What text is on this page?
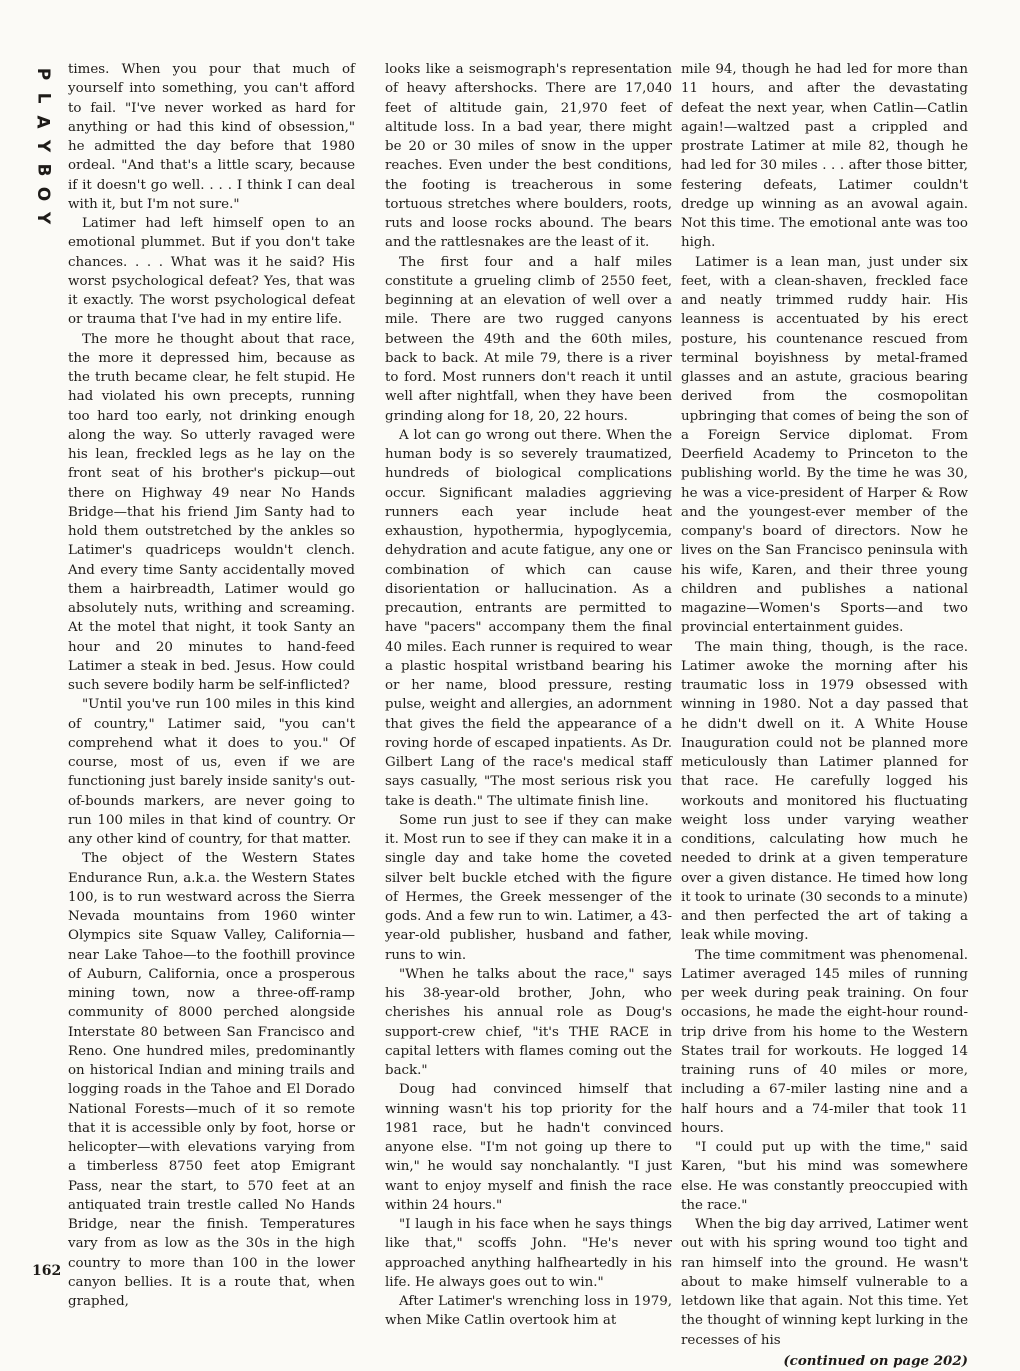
P
L
A
Y
B
O
Y
162

times. When you pour that much of yourself into something, you can't afford to fail. "I've never worked as hard for anything or had this kind of obsession," he admitted the day before that 1980 ordeal. "And that's a little scary, because if it doesn't go well. . . . I think I can deal with it, but I'm not sure."

Latimer had left himself open to an emotional plummet. But if you don't take chances. . . . What was it he said? His worst psychological defeat? Yes, that was it exactly. The worst psychological defeat or trauma that I've had in my entire life.

The more he thought about that race, the more it depressed him, because as the truth became clear, he felt stupid. He had violated his own precepts, running too hard too early, not drinking enough along the way. So utterly ravaged were his lean, freckled legs as he lay on the front seat of his brother's pickup—out there on Highway 49 near No Hands Bridge—that his friend Jim Santy had to hold them outstretched by the ankles so Latimer's quadriceps wouldn't clench. And every time Santy accidentally moved them a hairbreadth, Latimer would go absolutely nuts, writhing and screaming. At the motel that night, it took Santy an hour and 20 minutes to hand-feed Latimer a steak in bed. Jesus. How could such severe bodily harm be self-inflicted?

"Until you've run 100 miles in this kind of country," Latimer said, "you can't comprehend what it does to you." Of course, most of us, even if we are functioning just barely inside sanity's out-of-bounds markers, are never going to run 100 miles in that kind of country. Or any other kind of country, for that matter.

The object of the Western States Endurance Run, a.k.a. the Western States 100, is to run westward across the Sierra Nevada mountains from 1960 winter Olympics site Squaw Valley, California—near Lake Tahoe—to the foothill province of Auburn, California, once a prosperous mining town, now a three-off-ramp community of 8000 perched alongside Interstate 80 between San Francisco and Reno. One hundred miles, predominantly on historical Indian and mining trails and logging roads in the Tahoe and El Dorado National Forests—much of it so remote that it is accessible only by foot, horse or helicopter—with elevations varying from a timberless 8750 feet atop Emigrant Pass, near the start, to 570 feet at an antiquated train trestle called No Hands Bridge, near the finish. Temperatures vary from as low as the 30s in the high country to more than 100 in the lower canyon bellies. It is a route that, when graphed,

looks like a seismograph's representation of heavy aftershocks. There are 17,040 feet of altitude gain, 21,970 feet of altitude loss. In a bad year, there might be 20 or 30 miles of snow in the upper reaches. Even under the best conditions, the footing is treacherous in some tortuous stretches where boulders, roots, ruts and loose rocks abound. The bears and the rattlesnakes are the least of it.

The first four and a half miles constitute a grueling climb of 2550 feet, beginning at an elevation of well over a mile. There are two rugged canyons between the 49th and the 60th miles, back to back. At mile 79, there is a river to ford. Most runners don't reach it until well after nightfall, when they have been grinding along for 18, 20, 22 hours.

A lot can go wrong out there. When the human body is so severely traumatized, hundreds of biological complications occur. Significant maladies aggrieving runners each year include heat exhaustion, hypothermia, hypoglycemia, dehydration and acute fatigue, any one or combination of which can cause disorientation or hallucination. As a precaution, entrants are permitted to have "pacers" accompany them the final 40 miles. Each runner is required to wear a plastic hospital wristband bearing his or her name, blood pressure, resting pulse, weight and allergies, an adornment that gives the field the appearance of a roving horde of escaped inpatients. As Dr. Gilbert Lang of the race's medical staff says casually, "The most serious risk you take is death." The ultimate finish line.

Some run just to see if they can make it. Most run to see if they can make it in a single day and take home the coveted silver belt buckle etched with the figure of Hermes, the Greek messenger of the gods. And a few run to win. Latimer, a 43-year-old publisher, husband and father, runs to win.

"When he talks about the race," says his 38-year-old brother, John, who cherishes his annual role as Doug's support-crew chief, "it's THE RACE in capital letters with flames coming out the back."

Doug had convinced himself that winning wasn't his top priority for the 1981 race, but he hadn't convinced anyone else. "I'm not going up there to win," he would say nonchalantly. "I just want to enjoy myself and finish the race within 24 hours."

"I laugh in his face when he says things like that," scoffs John. "He's never approached anything halfheartedly in his life. He always goes out to win."

After Latimer's wrenching loss in 1979, when Mike Catlin overtook him at

mile 94, though he had led for more than 11 hours, and after the devastating defeat the next year, when Catlin—Catlin again!—waltzed past a crippled and prostrate Latimer at mile 82, though he had led for 30 miles . . . after those bitter, festering defeats, Latimer couldn't dredge up winning as an avowal again. Not this time. The emotional ante was too high.

Latimer is a lean man, just under six feet, with a clean-shaven, freckled face and neatly trimmed ruddy hair. His leanness is accentuated by his erect posture, his countenance rescued from terminal boyishness by metal-framed glasses and an astute, gracious bearing derived from the cosmopolitan upbringing that comes of being the son of a Foreign Service diplomat. From Deerfield Academy to Princeton to the publishing world. By the time he was 30, he was a vice-president of Harper & Row and the youngest-ever member of the company's board of directors. Now he lives on the San Francisco peninsula with his wife, Karen, and their three young children and publishes a national magazine—Women's Sports—and two provincial entertainment guides.

The main thing, though, is the race. Latimer awoke the morning after his traumatic loss in 1979 obsessed with winning in 1980. Not a day passed that he didn't dwell on it. A White House Inauguration could not be planned more meticulously than Latimer planned for that race. He carefully logged his workouts and monitored his fluctuating weight loss under varying weather conditions, calculating how much he needed to drink at a given temperature over a given distance. He timed how long it took to urinate (30 seconds to a minute) and then perfected the art of taking a leak while moving.

The time commitment was phenomenal. Latimer averaged 145 miles of running per week during peak training. On four occasions, he made the eight-hour round-trip drive from his home to the Western States trail for workouts. He logged 14 training runs of 40 miles or more, including a 67-miler lasting nine and a half hours and a 74-miler that took 11 hours.

"I could put up with the time," said Karen, "but his mind was somewhere else. He was constantly preoccupied with the race."

When the big day arrived, Latimer went out with his spring wound too tight and ran himself into the ground. He wasn't about to make himself vulnerable to a letdown like that again. Not this time. Yet the thought of winning kept lurking in the recesses of his

(continued on page 202)
